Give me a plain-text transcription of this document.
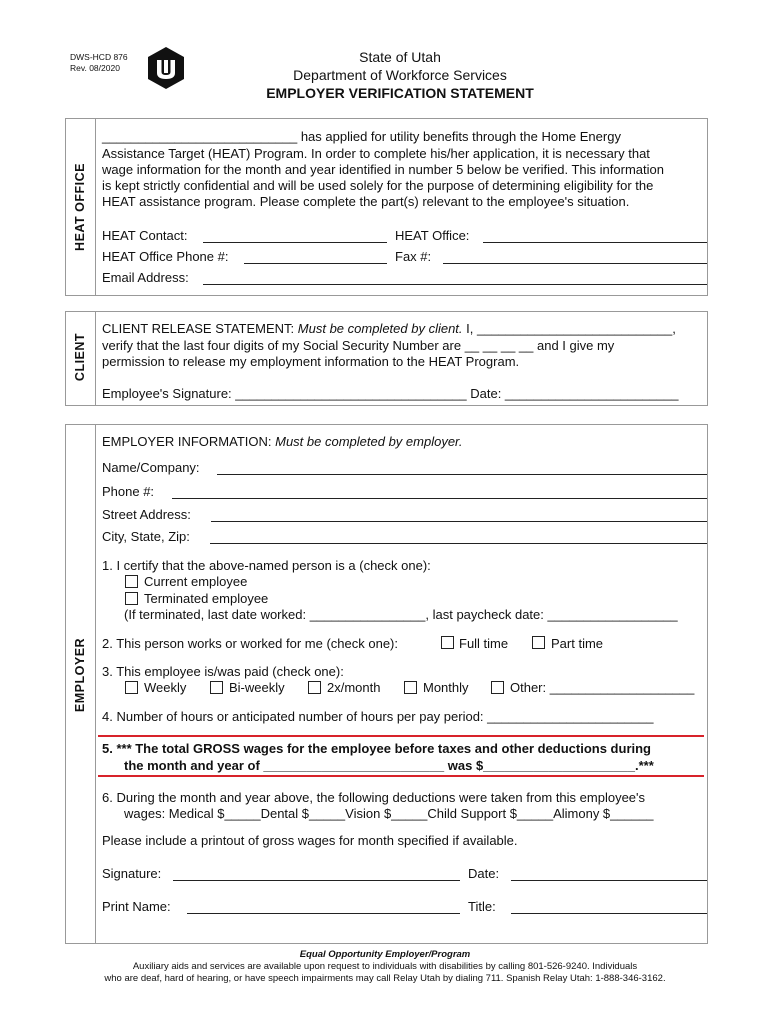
DWS-HCD 876
Rev. 08/2020
State of Utah
Department of Workforce Services
EMPLOYER VERIFICATION STATEMENT
HEAT OFFICE
___________________________ has applied for utility benefits through the Home Energy
Assistance Target (HEAT) Program. In order to complete his/her application, it is necessary that
wage information for the month and year identified in number 5 below be verified. This information
is kept strictly confidential and will be used solely for the purpose of determining eligibility for the
HEAT assistance program. Please complete the part(s) relevant to the employee's situation.
HEAT Contact:	HEAT Office:
HEAT Office Phone #:	Fax #:
Email Address:
CLIENT
CLIENT RELEASE STATEMENT: Must be completed by client. I, ___________________________,
verify that the last four digits of my Social Security Number are __ __ __ __ and I give my
permission to release my employment information to the HEAT Program.
Employee's Signature: ________________________________ Date: ________________________
EMPLOYER
EMPLOYER INFORMATION: Must be completed by employer.
Name/Company:
Phone #:
Street Address:
City, State, Zip:
1. I certify that the above-named person is a (check one):
Current employee
Terminated employee
(If terminated, last date worked: ________________, last paycheck date: __________________
2. This person works or worked for me (check one):	Full time	Part time
3. This employee is/was paid (check one):
Weekly	Bi-weekly	2x/month	Monthly	Other: ____________________
4. Number of hours or anticipated number of hours per pay period: _______________________
5. *** The total GROSS wages for the employee before taxes and other deductions during
the month and year of _________________________ was $_____________________.***
6. During the month and year above, the following deductions were taken from this employee's
wages: Medical $_____Dental $_____Vision $_____Child Support $_____Alimony $______
Please include a printout of gross wages for month specified if available.
Signature:	Date:
Print Name:	Title:
Equal Opportunity Employer/Program
Auxiliary aids and services are available upon request to individuals with disabilities by calling 801-526-9240. Individuals
who are deaf, hard of hearing, or have speech impairments may call Relay Utah by dialing 711. Spanish Relay Utah: 1-888-346-3162.
